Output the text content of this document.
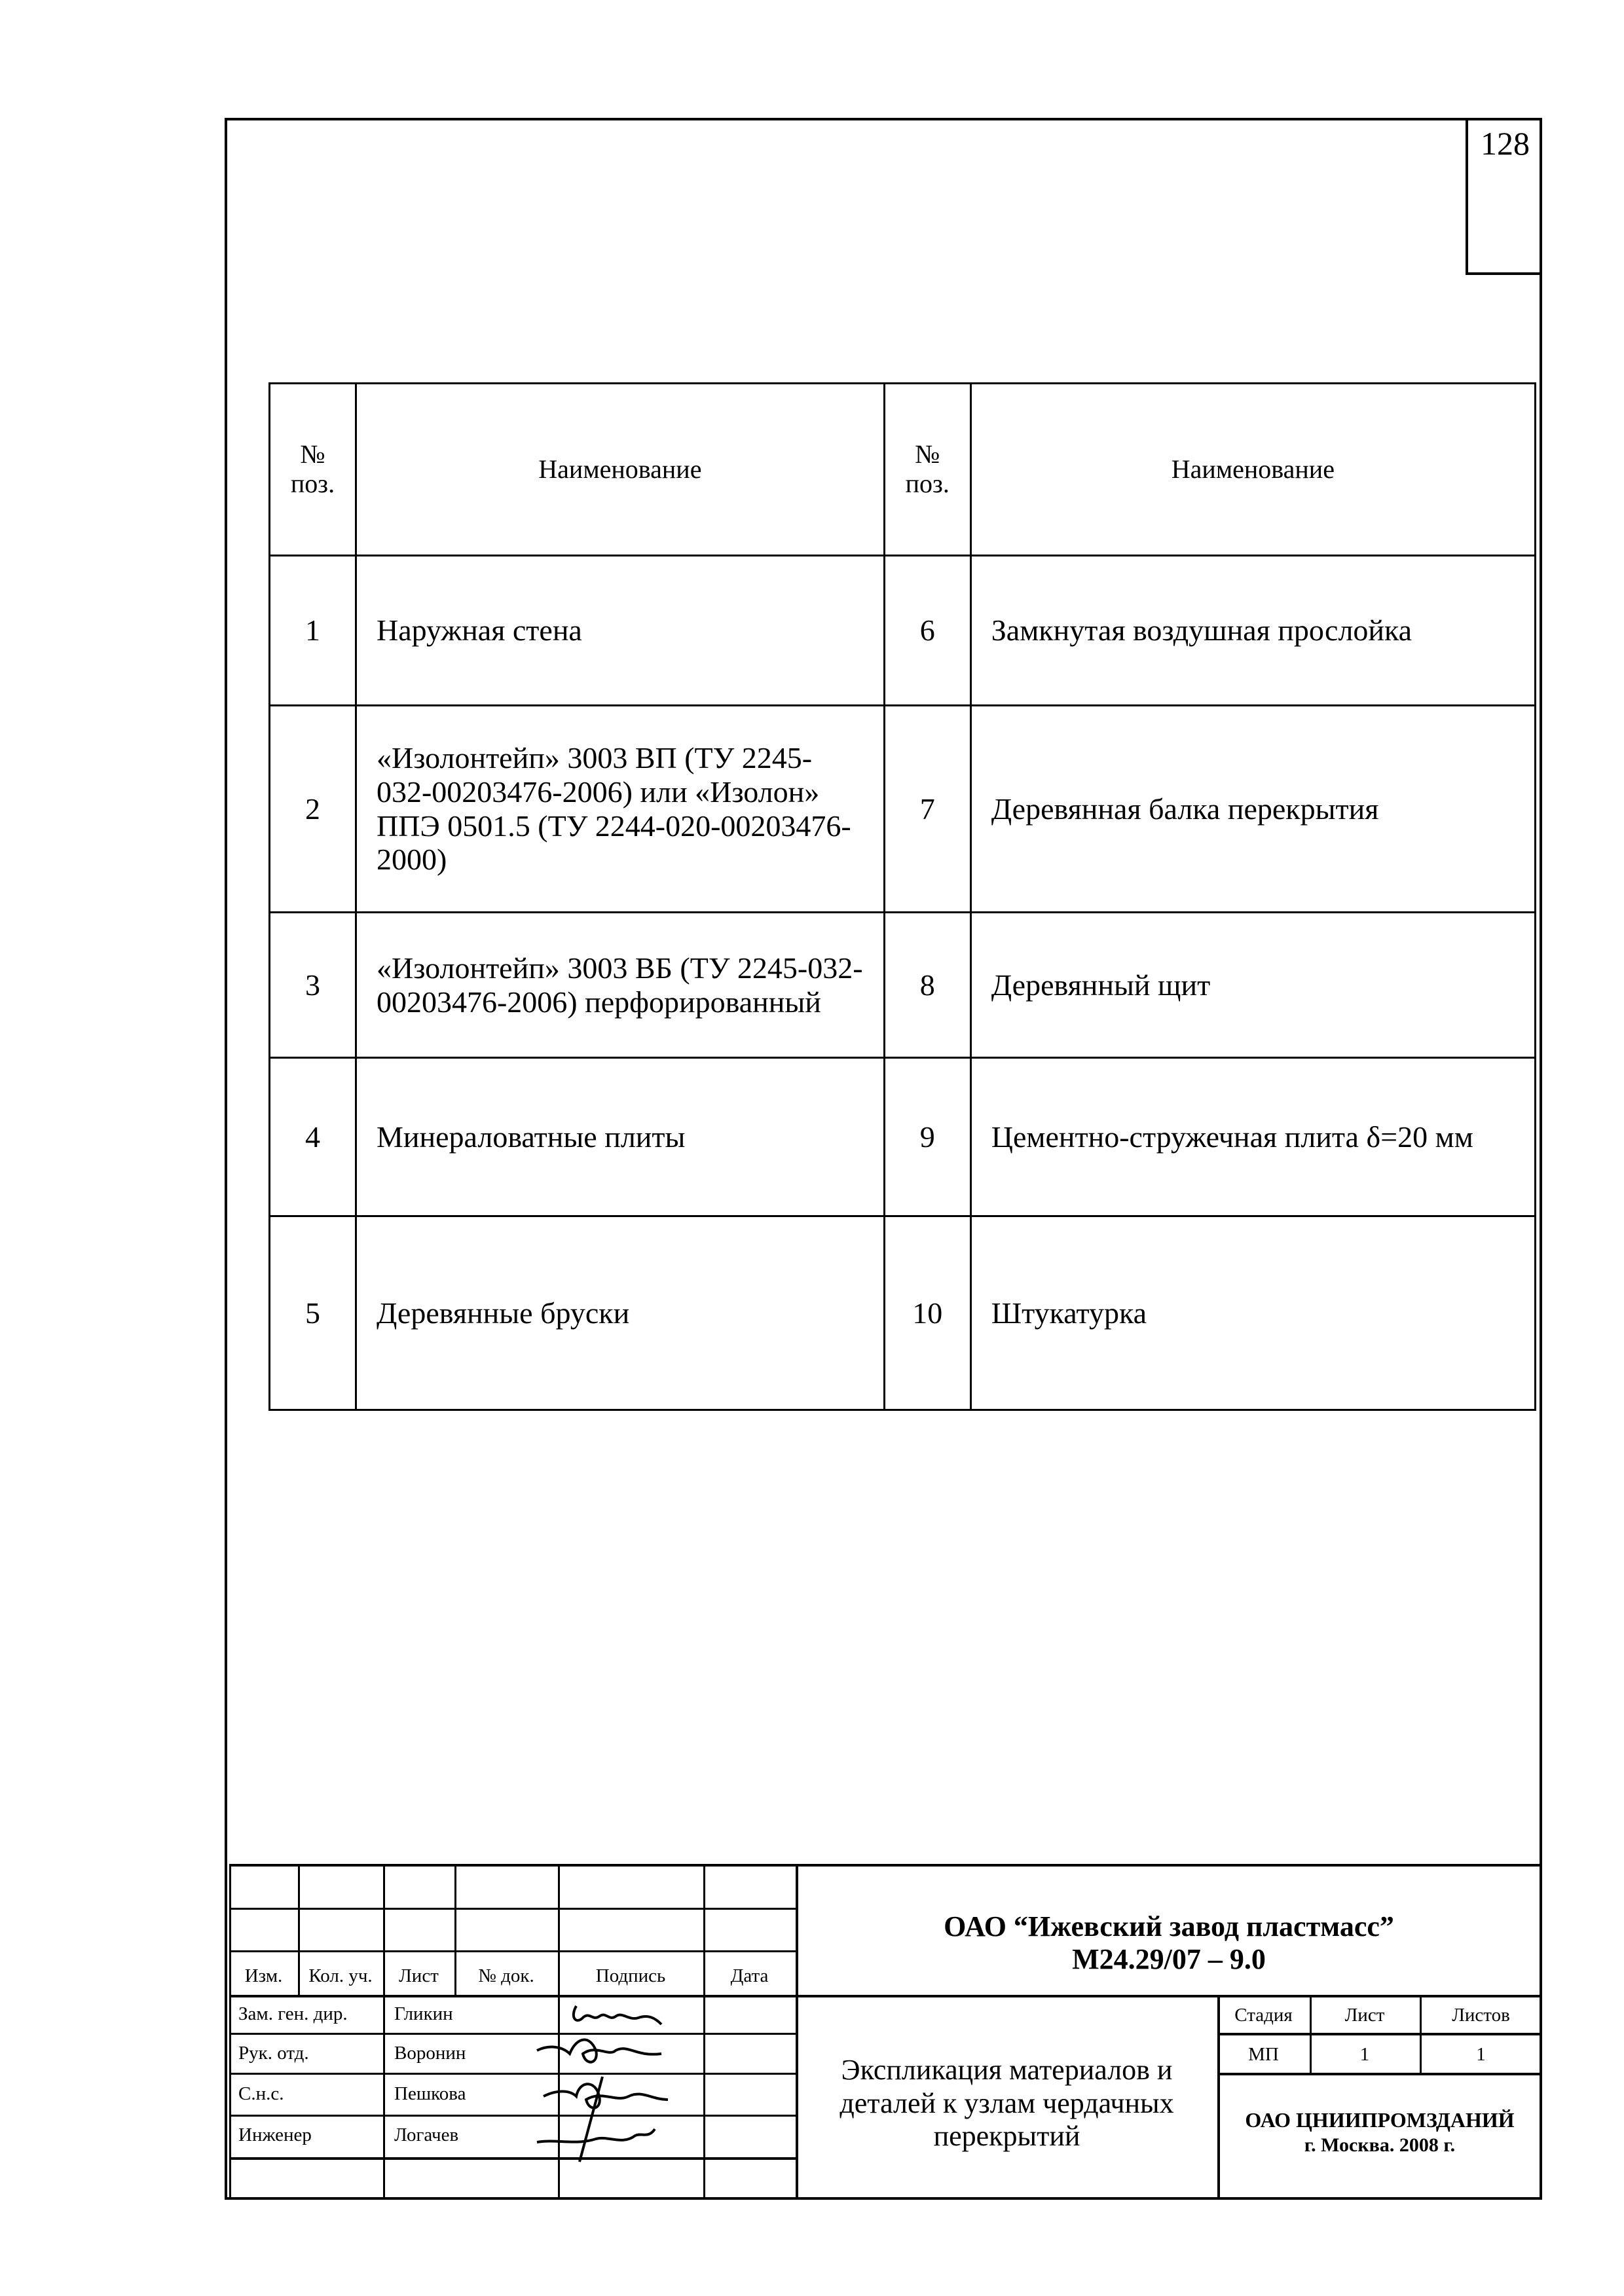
128
№ поз.	Наименование	№ поз.	Наименование
1	Наружная стена	6	Замкнутая воздушная прослойка
2	«Изолонтейп» 3003 ВП (ТУ 2245-032-00203476-2006) или «Изолон» ППЭ 0501.5 (ТУ 2244-020-00203476-2000)	7	Деревянная балка перекрытия
3	«Изолонтейп» 3003 ВБ (ТУ 2245-032-00203476-2006) перфорированный	8	Деревянный щит
4	Минераловатные плиты	9	Цементно-стружечная плита δ=20 мм
5	Деревянные бруски	10	Штукатурка
Изм.	Кол. уч.	Лист	№ док.	Подпись	Дата
Зам. ген. дир. Гликин
Рук. отд.	Воронин
С.н.с.	Пешкова
Инженер	Логачев
ОАО “Ижевский завод пластмасс”
М24.29/07 – 9.0
Экспликация материалов и деталей к узлам чердачных перекрытий
Стадия	Лист	Листов
МП	1	1
ОАО ЦНИИПРОМЗДАНИЙ
г. Москва. 2008 г.
